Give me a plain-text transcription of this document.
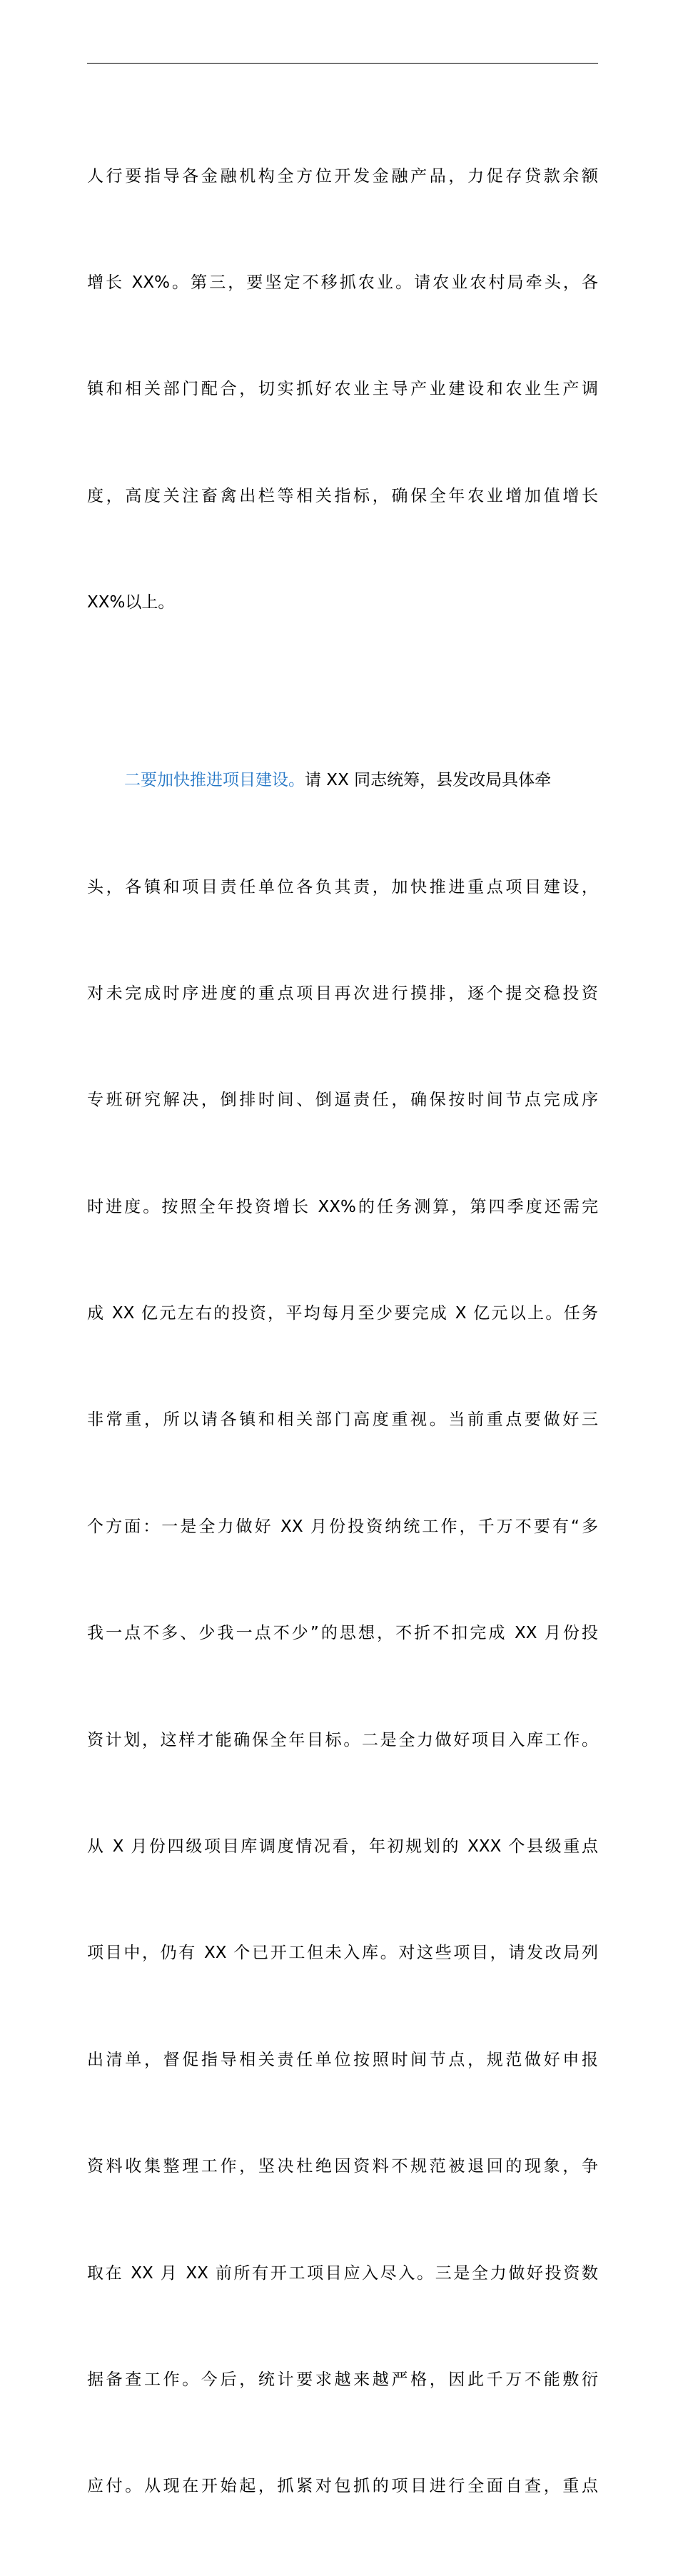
人行要指导各金融机构全方位开发金融产品，力促存贷款余额

增长 XX%。第三，要坚定不移抓农业。请农业农村局牵头，各

镇和相关部门配合，切实抓好农业主导产业建设和农业生产调

度，高度关注畜禽出栏等相关指标，确保全年农业增加值增长

XX%以上。

二要加快推进项目建设。请 XX 同志统筹，县发改局具体牵

头，各镇和项目责任单位各负其责，加快推进重点项目建设，

对未完成时序进度的重点项目再次进行摸排，逐个提交稳投资

专班研究解决，倒排时间、倒逼责任，确保按时间节点完成序

时进度。按照全年投资增长 XX%的任务测算，第四季度还需完

成 XX 亿元左右的投资，平均每月至少要完成 X 亿元以上。任务

非常重，所以请各镇和相关部门高度重视。当前重点要做好三

个方面：一是全力做好 XX 月份投资纳统工作，千万不要有“多

我一点不多、少我一点不少”的思想，不折不扣完成 XX 月份投

资计划，这样才能确保全年目标。二是全力做好项目入库工作。

从 X 月份四级项目库调度情况看，年初规划的 XXX 个县级重点

项目中，仍有 XX 个已开工但未入库。对这些项目，请发改局列

出清单，督促指导相关责任单位按照时间节点，规范做好申报

资料收集整理工作，坚决杜绝因资料不规范被退回的现象，争

取在 XX 月 XX 前所有开工项目应入尽入。三是全力做好投资数

据备查工作。今后，统计要求越来越严格，因此千万不能敷衍

应付。从现在开始起，抓紧对包抓的项目进行全面自查，重点
